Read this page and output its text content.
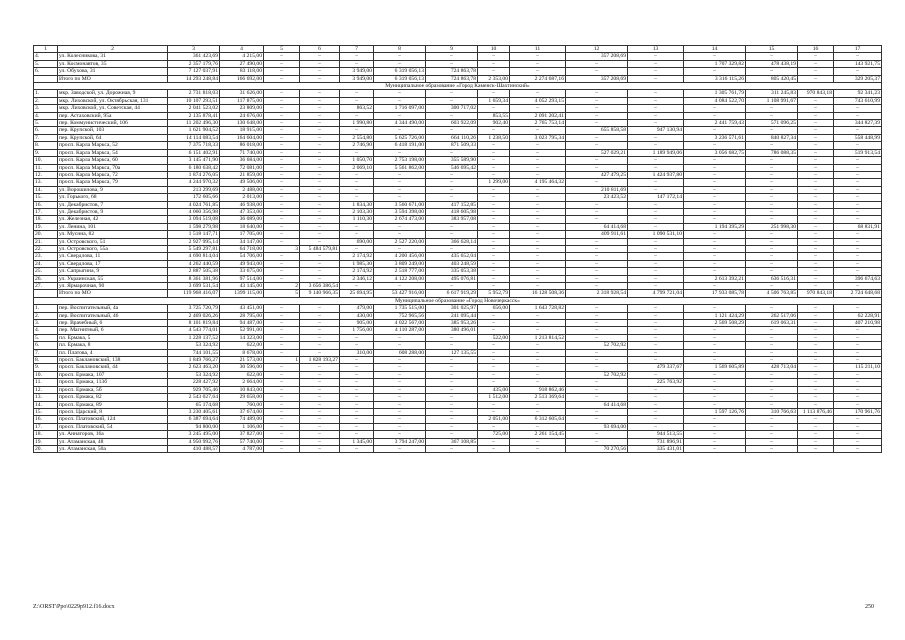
1	2	3	4	5	6	7	8	9	10	11	12	13	14	15	16	17
4.	ул. Колесникова, 31	361 423,69	4 215,00	–	–	–	–	–	–	–	357 208,69	–	–	–	–	–
5.	ул. Космонавтов, 35	2 357 179,76	27 490,00	–	–	–	–	–	–	–	–	–	1 707 329,82	478 438,19	–	143 921,75
6.	ул. Обухова, 31	7 127 037,91	83 118,00	–	–	3 949,00	6 319 056,13	724 863,78	–	–	–	–	–	–	–	–
	Итого по МО	14 293 248,84	166 692,00	–	–	3 949,00	6 319 056,13	724 863,78	2 353,00	2 274 687,16	357 208,69	–	3 316 115,26	805 420,45	–	329 205,37
Муниципальное образование «Город Каменск-Шахтинский»																
1.	мкр. Заводской, ул. Дорожная, 9	2 731 818,03	31 626,00	–	–	–	–	–	–	–	–	–	1 305 761,79	311 245,83	970 843,18	92 341,23
2.	мкр. Лиховской, ул. Октябрьская, 131	10 107 293,51	117 875,00	–	–	–	–	–	1 659,34	4 052 293,15	–	–	4 084 522,70	1 108 991,67	–	743 610,99
3.	мкр. Лиховской, ул. Советская, 44	2 041 523,02	23 809,00	–	–	863,52	1 716 097,00	300 717,02	–	–	–	–	–	–	–	–
4.	пер. Астаховский, 95а	2 135 878,41	24 676,00	–	–	–	–	–	853,55	2 091 202,41	–	–	–	–	–	–
5.	пер. Коммунистический, 106	11 202 496,30	130 648,00	–	–	1 990,80	4 344 490,00	603 922,09	902,40	2 765 753,14	–	–	2 441 759,43	571 096,25	–	344 827,39
6.	пер. Крупской, 103	1 621 904,52	18 915,00	–	–	–	–	–	–	–	655 858,58	947 130,94	–	–	–	–
7.	пер. Крупской, 64	14 114 083,54	164 604,00	–	–	2 554,80	5 625 726,00	664 110,26	1 238,50	3 023 795,34	–	–	3 236 571,61	840 827,34	–	558 448,99
8.	просп. Карла Маркса, 52	7 375 718,33	86 018,00	–	–	2 746,90	6 418 191,00	871 509,33	–	–	–	–	–	–	–	–
9.	просп. Карла Маркса, 54	6 151 402,91	71 740,00	–	–	–	–	–	–	–	527 029,21	1 189 949,06	3 056 682,75	786 088,35	–	519 913,54
10.	просп. Карла Маркса, 60	3 145 471,90	36 684,00	–	–	1 050,70	2 753 198,00	355 589,90	–	–	–	–	–	–	–	–
11.	просп. Карла Маркса, 70а	6 180 638,42	72 081,00	–	–	2 069,10	5 561 862,00	546 695,42	–	–	–	–	–	–	–	–
12.	просп. Карла Маркса, 72	1 874 276,05	21 859,00	–	–	–	–	–	–	–	427 479,25	1 424 937,80	–	–	–	–
13.	просп. Карла Маркса, 79	4 244 970,32	49 506,00	–	–	–	–	–	1 299,00	4 195 464,32	–	–	–	–	–	–
14.	ул. Ворошилова, 9	213 299,69	2 488,00	–	–	–	–	–	–	–	210 811,69	–	–	–	–	–
15.	ул. Горького, 68	172 605,66	2 013,00	–	–	–	–	–	–	–	23 423,52	147 172,14	–	–	–	–
16.	ул. Декабристов, 7	4 024 761,85	46 938,00	–	–	1 834,30	3 560 671,00	417 152,85	–	–	–	–	–	–	–	–
17.	ул. Декабристов, 9	4 060 356,98	47 353,00	–	–	2 103,30	3 594 398,00	418 605,98	–	–	–	–	–	–	–	–
18.	ул. Железная, 42	3 094 519,08	36 089,00	–	–	1 110,30	2 674 473,00	383 957,08	–	–	–	–	–	–	–	–
19.	ул. Ленина, 101	1 598 279,98	18 640,00	–	–	–	–	–	–	–	64 414,68	–	1 194 395,29	251 998,30	–	68 831,91
20.	ул. Мусина, 82	1 518 147,71	17 705,00	–	–	–	–	–	–	–	409 911,61	1 090 531,10	–	–	–	–
21.	ул. Островского, 51	2 927 995,14	34 147,00	–	–	690,00	2 527 220,00	366 628,14	–	–	–	–	–	–	–	–
22.	ул. Островского, 55а	5 549 297,81	64 718,00	3	5 484 579,81	–	–	–	–	–	–	–	–	–	–	–
23.	ул. Свердлова, 11	4 690 814,04	54 706,00	–	–	2 174,92	4 200 456,00	435 652,04	–	–	–	–	–	–	–	–
24.	ул. Свердлова, 17	4 262 440,59	49 943,00	–	–	1 985,30	3 809 249,00	403 248,59	–	–	–	–	–	–	–	–
25.	ул. Сапрыгина, 9	2 887 505,38	33 675,00	–	–	2 174,92	2 518 777,00	335 053,38	–	–	–	–	–	–	–	–
26.	ул. Украинская, 55	8 361 381,96	97 514,00	–	–	2 346,12	4 122 208,00	495 076,81	–	–	–	–	2 613 392,21	636 516,31	–	396 674,63
27.	ул. Ярмарочная, 90	3 699 531,54	43 145,00	2	3 656 386,54	–	–	–	–	–	–	–	–	–	–	–
	Итого по МО	119 968 416,07	1399 115,00	5	9 140 966,35	25 694,95	53 427 916,00	6 617 919,29	5 952,79	16 128 508,36	2 318 928,54	4 799 721,04	17 933 085,78	4 506 763,85	970 843,18	2 724 648,68
Муниципальное образование «Город Новочеркасск»																
1.	пер. Воспитательный, 4а	3 725 720,79	43 451,00	–	–	479,00	1 735 515,00	301 025,97	656,00	1 643 728,82	–	–	–	–	–	–
2.	пер. Воспитательный, 46	2 469 026,26	28 795,00	–	–	430,00	752 965,56	241 095,44	–	–	–	–	1 121 424,29	262 517,06	–	62 228,91
3.	пер. Врачебный, 6	8 101 819,84	94 487,00	–	–	905,00	4 022 567,00	385 953,26	–	–	–	–	2 569 508,29	619 063,31	–	407 210,98
4.	пер. Магнитный, 6	4 543 774,01	52 991,00	–	–	1 756,00	4 110 287,00	380 496,01	–	–	–	–	–	–	–	–
5.	пл. Ермака, 5	1 228 137,52	14 323,00	–	–	–	–	–	522,00	1 213 814,52	–	–	–	–	–	–
6.	пл. Ермака, 8	53 324,92	622,00	–	–	–	–	–	–	–	52 702,92	–	–	–	–	–
7.	пл. Платова, 4	744 101,55	8 678,00	–	–	310,00	608 288,00	127 135,55	–	–	–	–	–	–	–	–
8.	просп. Баклановский, 138	1 849 766,27	21 573,00	1	1 828 193,27	–	–	–	–	–	–	–	–	–	–	–
9.	просп. Баклановский, 44	2 623 463,20	30 596,00	–	–	–	–	–	–	–	–	479 337,67	1 569 605,89	428 713,04	–	115 211,10
10.	просп. Ермака, 107	53 324,92	622,00	–	–	–	–	–	–	–	52 702,92	–	–	–	–	–
11.	просп. Ермака, 113б	228 427,92	2 664,00	–	–	–	–	–	–	–	–	225 763,92	–	–	–	–
12.	просп. Ермака, 5б	929 705,46	10 843,00	–	–	–	–	–	435,00	918 862,46	–	–	–	–	–	–
13.	просп. Ермака, 82	2 543 027,64	29 658,00	–	–	–	–	–	1 512,00	2 513 369,64	–	–	–	–	–	–
14.	просп. Ермака, 89	65 174,68	760,00	–	–	–	–	–	–	–	64 414,68	–	–	–	–	–
15.	просп. Царский, 8	3 230 405,61	37 674,00	–	–	–	–	–	–	–	–	–	1 597 126,76	310 766,63	1 113 876,46	170 961,76
16.	просп. Платовский, 124	6 387 694,64	74 489,00	–	–	–	–	–	2 051,00	6 312 605,64	–	–	–	–	–	–
17.	просп. Платовский, 54	94 800,00	1 106,00	–	–	–	–	–	–	–	93 694,00	–	–	–	–	–
18.	ул. Аннаторов, 16а	3 245 495,00	37 827,00	–	–	–	–	–	725,00	2 261 154,45	–	944 513,55	–	–	–	–
19.	ул. Атаманская, 48	4 950 992,76	57 740,00	–	–	1 345,00	3 794 247,00	367 108,85	–	–	–	731 896,91	–	–	–	–
20.	ул. Атаманская, 50а	410 488,57	4 787,00	–	–	–	–	–	–	–	70 270,56	335 431,01	–	–	–	–
Z:\ORST\Ppo\0229p912.f16.docx	250
